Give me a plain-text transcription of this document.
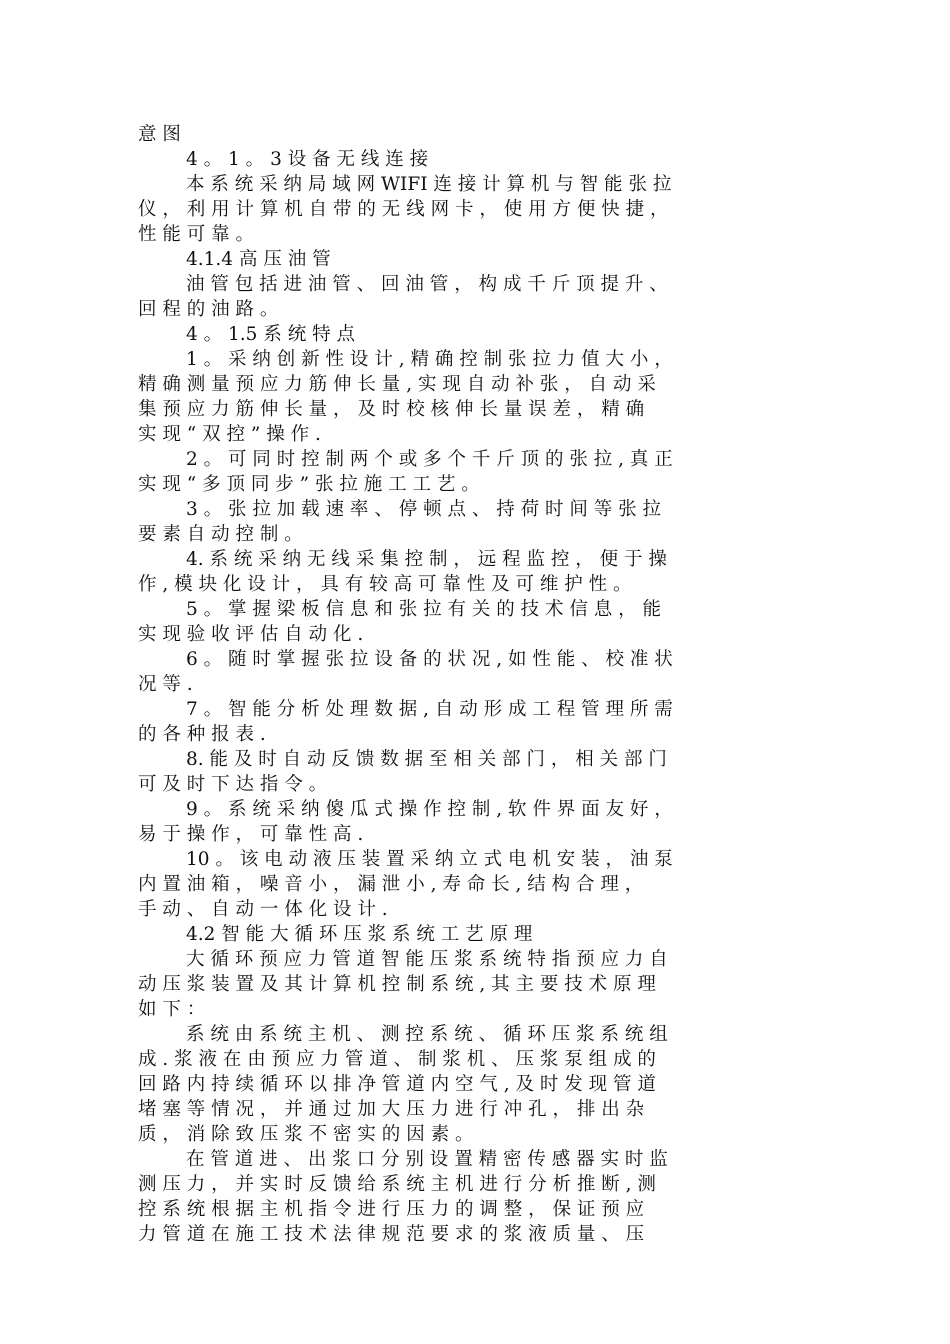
意 图
4 。 1 。 3 设 备 无 线 连 接
本 系 统 采 纳 局 域 网 WIFI 连 接 计 算 机 与 智 能 张 拉
仪 ， 利 用 计 算 机 自 带 的 无 线 网 卡 ， 使 用 方 便 快 捷 ，
性 能 可 靠 。
4.1.4 高 压 油 管
油 管 包 括 进 油 管 、 回 油 管 ， 构 成 千 斤 顶 提 升 、
回 程 的 油 路 。
4 。 1.5 系 统 特 点
1 。 采 纳 创 新 性 设 计 , 精 确 控 制 张 拉 力 值 大 小 ，
精 确 测 量 预 应 力 筋 伸 长 量 , 实 现 自 动 补 张 ， 自 动 采
集 预 应 力 筋 伸 长 量 ， 及 时 校 核 伸 长 量 误 差 ， 精 确
实 现 “ 双 控 ” 操 作 .
2 。 可 同 时 控 制 两 个 或 多 个 千 斤 顶 的 张 拉 , 真 正
实 现 “ 多 顶 同 步 ” 张 拉 施 工 工 艺 。
3 。 张 拉 加 载 速 率 、 停 顿 点 、 持 荷 时 间 等 张 拉
要 素 自 动 控 制 。
4. 系 统 采 纳 无 线 采 集 控 制 ， 远 程 监 控 ， 便 于 操
作 , 模 块 化 设 计 ， 具 有 较 高 可 靠 性 及 可 维 护 性 。
5 。 掌 握 梁 板 信 息 和 张 拉 有 关 的 技 术 信 息 ， 能
实 现 验 收 评 估 自 动 化 .
6 。 随 时 掌 握 张 拉 设 备 的 状 况 , 如 性 能 、 校 准 状
况 等 .
7 。 智 能 分 析 处 理 数 据 , 自 动 形 成 工 程 管 理 所 需
的 各 种 报 表 .
8. 能 及 时 自 动 反 馈 数 据 至 相 关 部 门 ， 相 关 部 门
可 及 时 下 达 指 令 。
9 。 系 统 采 纳 傻 瓜 式 操 作 控 制 , 软 件 界 面 友 好 ，
易 于 操 作 ， 可 靠 性 高 .
10 。 该 电 动 液 压 装 置 采 纳 立 式 电 机 安 装 ， 油 泵
内 置 油 箱 ， 噪 音 小 ， 漏 泄 小 , 寿 命 长 , 结 构 合 理 ，
手 动 、 自 动 一 体 化 设 计 .
4.2 智 能 大 循 环 压 浆 系 统 工 艺 原 理
大 循 环 预 应 力 管 道 智 能 压 浆 系 统 特 指 预 应 力 自
动 压 浆 装 置 及 其 计 算 机 控 制 系 统 , 其 主 要 技 术 原 理
如 下 ：
系 统 由 系 统 主 机 、 测 控 系 统 、 循 环 压 浆 系 统 组
成 . 浆 液 在 由 预 应 力 管 道 、 制 浆 机 、 压 浆 泵 组 成 的
回 路 内 持 续 循 环 以 排 净 管 道 内 空 气 , 及 时 发 现 管 道
堵 塞 等 情 况 ， 并 通 过 加 大 压 力 进 行 冲 孔 ， 排 出 杂
质 ， 消 除 致 压 浆 不 密 实 的 因 素 。
在 管 道 进 、 出 浆 口 分 别 设 置 精 密 传 感 器 实 时 监
测 压 力 ， 并 实 时 反 馈 给 系 统 主 机 进 行 分 析 推 断 , 测
控 系 统 根 据 主 机 指 令 进 行 压 力 的 调 整 ， 保 证 预 应
力 管 道 在 施 工 技 术 法 律 规 范 要 求 的 浆 液 质 量 、 压
